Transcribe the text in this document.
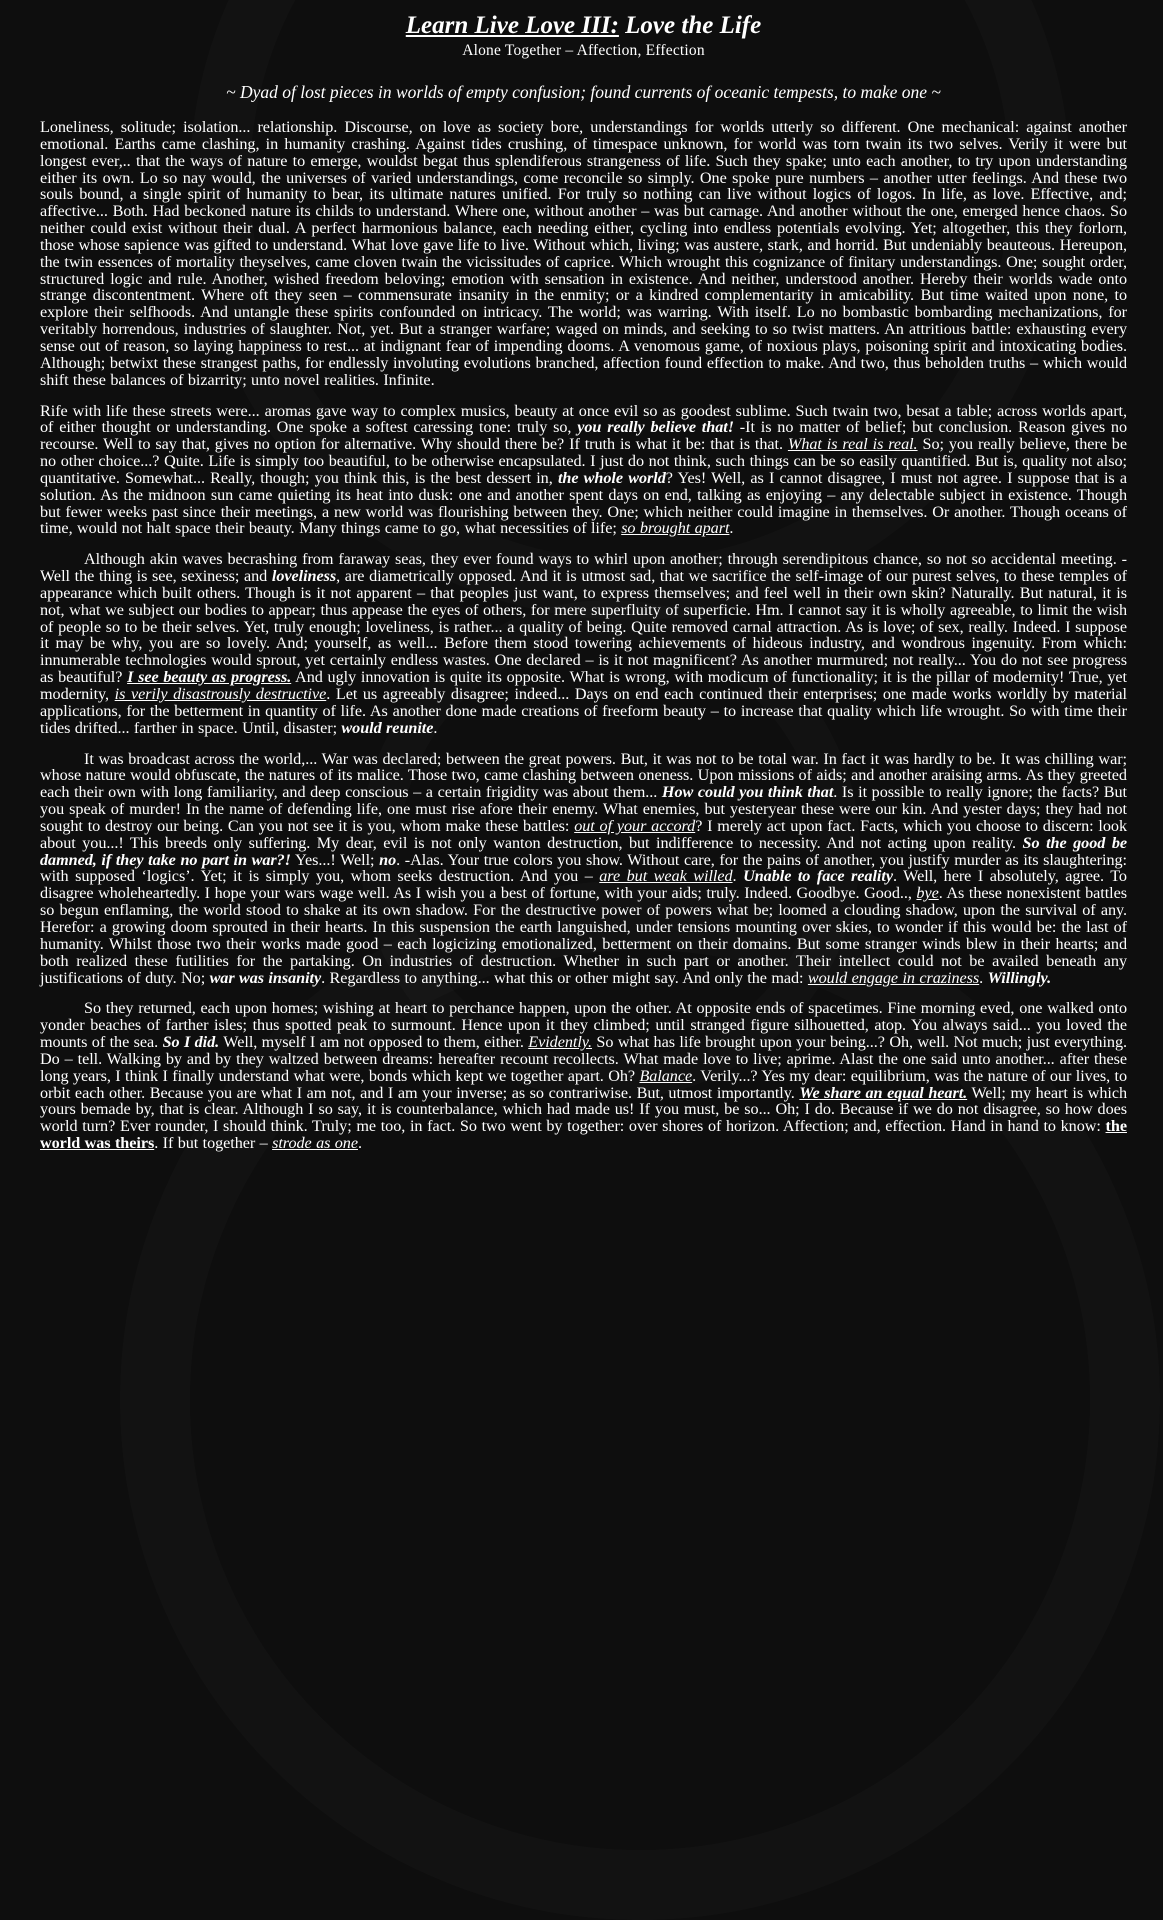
Learn Live Love III: Love the Life
Alone Together – Affection, Effection
~ Dyad of lost pieces in worlds of empty confusion; found currents of oceanic tempests, to make one ~

Loneliness, solitude; isolation... relationship. Discourse, on love as society bore, understandings for worlds utterly so different. One mechanical: against another emotional. Earths came clashing, in humanity crashing. Against tides crushing, of timespace unknown, for world was torn twain its two selves. Verily it were but longest ever,.. that the ways of nature to emerge, wouldst begat thus splendiferous strangeness of life. Such they spake; unto each another, to try upon understanding either its own. Lo so nay would, the universes of varied understandings, come reconcile so simply. One spoke pure numbers – another utter feelings. And these two souls bound, a single spirit of humanity to bear, its ultimate natures unified. For truly so nothing can live without logics of logos. In life, as love. Effective, and; affective... Both. Had beckoned nature its childs to understand. Where one, without another – was but carnage. And another without the one, emerged hence chaos. So neither could exist without their dual. A perfect harmonious balance, each needing either, cycling into endless potentials evolving. Yet; altogether, this they forlorn, those whose sapience was gifted to understand. What love gave life to live. Without which, living; was austere, stark, and horrid. But undeniably beauteous. Hereupon, the twin essences of mortality theyselves, came cloven twain the vicissitudes of caprice. Which wrought this cognizance of finitary understandings. One; sought order, structured logic and rule. Another, wished freedom beloving; emotion with sensation in existence. And neither, understood another. Hereby their worlds wade onto strange discontentment. Where oft they seen – commensurate insanity in the enmity; or a kindred complementarity in amicability. But time waited upon none, to explore their selfhoods. And untangle these spirits confounded on intricacy. The world; was warring. With itself. Lo no bombastic bombarding mechanizations, for veritably horrendous, industries of slaughter. Not, yet. But a stranger warfare; waged on minds, and seeking to so twist matters. An attritious battle: exhausting every sense out of reason, so laying happiness to rest... at indignant fear of impending dooms. A venomous game, of noxious plays, poisoning spirit and intoxicating bodies. Although; betwixt these strangest paths, for endlessly involuting evolutions branched, affection found effection to make. And two, thus beholden truths – which would shift these balances of bizarrity; unto novel realities. Infinite.

Rife with life these streets were... aromas gave way to complex musics, beauty at once evil so as goodest sublime. Such twain two, besat a table; across worlds apart, of either thought or understanding. One spoke a softest caressing tone: truly so, you really believe that! -It is no matter of belief; but conclusion. Reason gives no recourse. Well to say that, gives no option for alternative. Why should there be? If truth is what it be: that is that. What is real is real. So; you really believe, there be no other choice...? Quite. Life is simply too beautiful, to be otherwise encapsulated. I just do not think, such things can be so easily quantified. But is, quality not also; quantitative. Somewhat... Really, though; you think this, is the best dessert in, the whole world? Yes! Well, as I cannot disagree, I must not agree. I suppose that is a solution. As the midnoon sun came quieting its heat into dusk: one and another spent days on end, talking as enjoying – any delectable subject in existence. Though but fewer weeks past since their meetings, a new world was flourishing between they. One; which neither could imagine in themselves. Or another. Though oceans of time, would not halt space their beauty. Many things came to go, what necessities of life; so brought apart.

Although akin waves becrashing from faraway seas, they ever found ways to whirl upon another; through serendipitous chance, so not so accidental meeting. -Well the thing is see, sexiness; and loveliness, are diametrically opposed. And it is utmost sad, that we sacrifice the self-image of our purest selves, to these temples of appearance which built others. Though is it not apparent – that peoples just want, to express themselves; and feel well in their own skin? Naturally. But natural, it is not, what we subject our bodies to appear; thus appease the eyes of others, for mere superfluity of superficie. Hm. I cannot say it is wholly agreeable, to limit the wish of people so to be their selves. Yet, truly enough; loveliness, is rather... a quality of being. Quite removed carnal attraction. As is love; of sex, really. Indeed. I suppose it may be why, you are so lovely. And; yourself, as well... Before them stood towering achievements of hideous industry, and wondrous ingenuity. From which: innumerable technologies would sprout, yet certainly endless wastes. One declared – is it not magnificent? As another murmured; not really... You do not see progress as beautiful? I see beauty as progress. And ugly innovation is quite its opposite. What is wrong, with modicum of functionality; it is the pillar of modernity! True, yet modernity, is verily disastrously destructive. Let us agreeably disagree; indeed... Days on end each continued their enterprises; one made works worldly by material applications, for the betterment in quantity of life. As another done made creations of freeform beauty – to increase that quality which life wrought. So with time their tides drifted... farther in space. Until, disaster; would reunite.

It was broadcast across the world,... War was declared; between the great powers. But, it was not to be total war. In fact it was hardly to be. It was chilling war; whose nature would obfuscate, the natures of its malice. Those two, came clashing between oneness. Upon missions of aids; and another araising arms. As they greeted each their own with long familiarity, and deep conscious – a certain frigidity was about them... How could you think that. Is it possible to really ignore; the facts? But you speak of murder! In the name of defending life, one must rise afore their enemy. What enemies, but yesteryear these were our kin. And yester days; they had not sought to destroy our being. Can you not see it is you, whom make these battles: out of your accord? I merely act upon fact. Facts, which you choose to discern: look about you...! This breeds only suffering. My dear, evil is not only wanton destruction, but indifference to necessity. And not acting upon reality. So the good be damned, if they take no part in war?! Yes...! Well; no. -Alas. Your true colors you show. Without care, for the pains of another, you justify murder as its slaughtering: with supposed ‘logics’. Yet; it is simply you, whom seeks destruction. And you – are but weak willed. Unable to face reality. Well, here I absolutely, agree. To disagree wholeheartedly. I hope your wars wage well. As I wish you a best of fortune, with your aids; truly. Indeed. Goodbye. Good.., bye. As these nonexistent battles so begun enflaming, the world stood to shake at its own shadow. For the destructive power of powers what be; loomed a clouding shadow, upon the survival of any. Herefor: a growing doom sprouted in their hearts. In this suspension the earth languished, under tensions mounting over skies, to wonder if this would be: the last of humanity. Whilst those two their works made good – each logicizing emotionalized, betterment on their domains. But some stranger winds blew in their hearts; and both realized these futilities for the partaking. On industries of destruction. Whether in such part or another. Their intellect could not be availed beneath any justifications of duty. No; war was insanity. Regardless to anything... what this or other might say. And only the mad: would engage in craziness. Willingly.

So they returned, each upon homes; wishing at heart to perchance happen, upon the other. At opposite ends of spacetimes. Fine morning eved, one walked onto yonder beaches of farther isles; thus spotted peak to surmount. Hence upon it they climbed; until stranged figure silhouetted, atop. You always said... you loved the mounts of the sea. So I did. Well, myself I am not opposed to them, either. Evidently. So what has life brought upon your being...? Oh, well. Not much; just everything. Do – tell. Walking by and by they waltzed between dreams: hereafter recount recollects. What made love to live; aprime. Alast the one said unto another... after these long years, I think I finally understand what were, bonds which kept we together apart. Oh? Balance. Verily...? Yes my dear: equilibrium, was the nature of our lives, to orbit each other. Because you are what I am not, and I am your inverse; as so contrariwise. But, utmost importantly. We share an equal heart. Well; my heart is which yours bemade by, that is clear. Although I so say, it is counterbalance, which had made us! If you must, be so... Oh; I do. Because if we do not disagree, so how does world turn? Ever rounder, I should think. Truly; me too, in fact. So two went by together: over shores of horizon. Affection; and, effection. Hand in hand to know: the world was theirs. If but together – strode as one.
